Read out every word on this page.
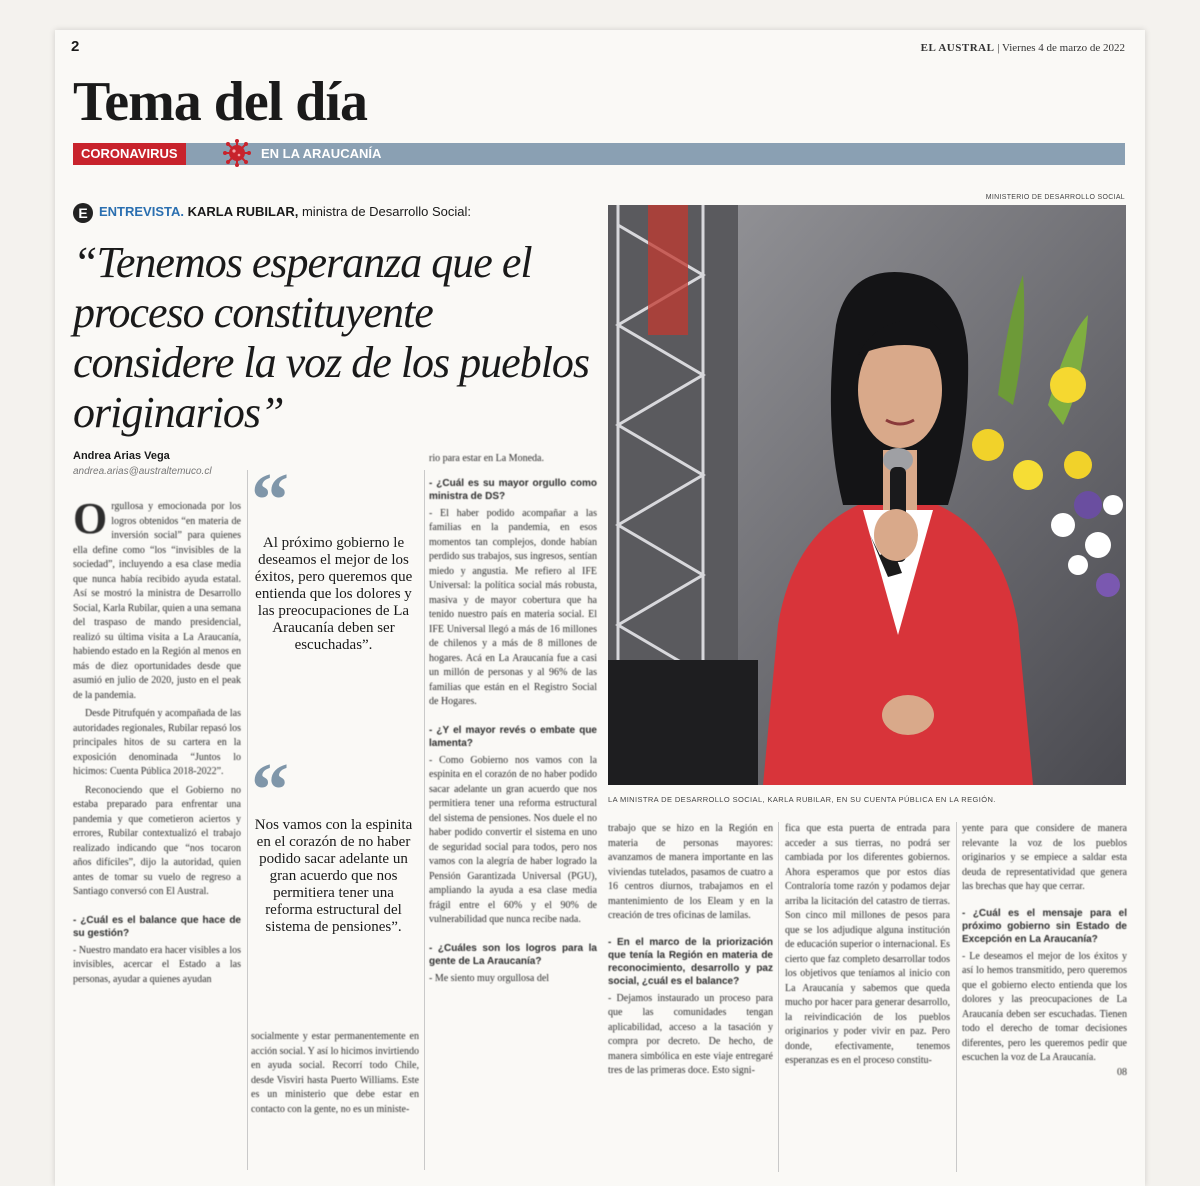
2	EL AUSTRAL | Viernes 4 de marzo de 2022
Tema del día
CORONAVIRUS	EN LA ARAUCANÍA
E ENTREVISTA. KARLA RUBILAR, ministra de Desarrollo Social:
“Tenemos esperanza que el proceso constituyente considere la voz de los pueblos originarios”
Andrea Arias Vega
andrea.arias@australtemuco.cl
O rgullosa y emocionada por los logros obtenidos “en materia de inversión social” para quienes ella define como “los “invisibles de la sociedad”, incluyendo a esa clase media que nunca había recibido ayuda estatal. Así se mostró la ministra de Desarrollo Social, Karla Rubilar, quien a una semana del traspaso de mando presidencial, realizó su última visita a La Araucanía, habiendo estado en la Región al menos en más de diez oportunidades desde que asumió en julio de 2020, justo en el peak de la pandemia.

Desde Pitrufquén y acompañada de las autoridades regionales, Rubilar repasó los principales hitos de su cartera en la exposición denominada “Juntos lo hicimos: Cuenta Pública 2018-2022”.

Reconociendo que el Gobierno no estaba preparado para enfrentar una pandemia y que cometieron aciertos y errores, Rubilar contextualizó el trabajo realizado indicando que “nos tocaron años difíciles”, dijo la autoridad, quien antes de tomar su vuelo de regreso a Santiago conversó con El Austral.

- ¿Cuál es el balance que hace de su gestión?
- Nuestro mandato era hacer visibles a los invisibles, acercar el Estado a las personas, ayudar a quienes ayudan
“
Al próximo gobierno le deseamos el mejor de los éxitos, pero queremos que entienda que los dolores y las preocupaciones de La Araucanía deben ser escuchadas”.
“
Nos vamos con la espinita en el corazón de no haber podido sacar adelante un gran acuerdo que nos permitiera tener una reforma estructural del sistema de pensiones”.
socialmente y estar permanentemente en acción social. Y así lo hicimos invirtiendo en ayuda social. Recorrí todo Chile, desde Visviri hasta Puerto Williams. Este es un ministerio que debe estar en contacto con la gente, no es un ministe-
rio para estar en La Moneda.
- ¿Cuál es su mayor orgullo como ministra de DS?
- El haber podido acompañar a las familias en la pandemia, en esos momentos tan complejos, donde habían perdido sus trabajos, sus ingresos, sentían miedo y angustia. Me refiero al IFE Universal: la política social más robusta, masiva y de mayor cobertura que ha tenido nuestro país en materia social. El IFE Universal llegó a más de 16 millones de chilenos y a más de 8 millones de hogares. Acá en La Araucanía fue a casi un millón de personas y al 96% de las familias que están en el Registro Social de Hogares.
- ¿Y el mayor revés o embate que lamenta?
- Como Gobierno nos vamos con la espinita en el corazón de no haber podido sacar adelante un gran acuerdo que nos permitiera tener una reforma estructural del sistema de pensiones. Nos duele el no haber podido convertir el sistema en uno de seguridad social para todos, pero nos vamos con la alegría de haber logrado la Pensión Garantizada Universal (PGU), ampliando la ayuda a esa clase media frágil entre el 60% y el 90% de vulnerabilidad que nunca recibe nada.
- ¿Cuáles son los logros para la gente de La Araucanía?
- Me siento muy orgullosa del
MINISTERIO DE DESARROLLO SOCIAL
LA MINISTRA DE DESARROLLO SOCIAL, KARLA RUBILAR, EN SU CUENTA PÚBLICA EN LA REGIÓN.
trabajo que se hizo en la Región en materia de personas mayores: avanzamos de manera importante en las viviendas tutelados, pasamos de cuatro a 16 centros diurnos, trabajamos en el mantenimiento de los Eleam y en la creación de tres oficinas de lamilas.
- En el marco de la priorización que tenía la Región en materia de reconocimiento, desarrollo y paz social, ¿cuál es el balance?
- Dejamos instaurado un proceso para que las comunidades tengan aplicabilidad, acceso a la tasación y compra por decreto. De hecho, de manera simbólica en este viaje entregaré tres de las primeras doce. Esto signi-
fica que esta puerta de entrada para acceder a sus tierras, no podrá ser cambiada por los diferentes gobiernos. Ahora esperamos que por estos días Contraloría tome razón y podamos dejar arriba la licitación del catastro de tierras. Son cinco mil millones de pesos para que se los adjudique alguna institución de educación superior o internacional. Es cierto que faz completo desarrollar todos los objetivos que teníamos al inicio con La Araucanía y sabemos que queda mucho por hacer para generar desarrollo, la reivindicación de los pueblos originarios y poder vivir en paz. Pero donde, efectivamente, tenemos esperanzas es en el proceso constitu-
yente para que considere de manera relevante la voz de los pueblos originarios y se empiece a saldar esta deuda de representatividad que genera las brechas que hay que cerrar.
- ¿Cuál es el mensaje para el próximo gobierno sin Estado de Excepción en La Araucanía?
- Le deseamos el mejor de los éxitos y así lo hemos transmitido, pero queremos que el gobierno electo entienda que los dolores y las preocupaciones de La Araucanía deben ser escuchadas. Tienen todo el derecho de tomar decisiones diferentes, pero les queremos pedir que escuchen la voz de La Araucanía.
08
